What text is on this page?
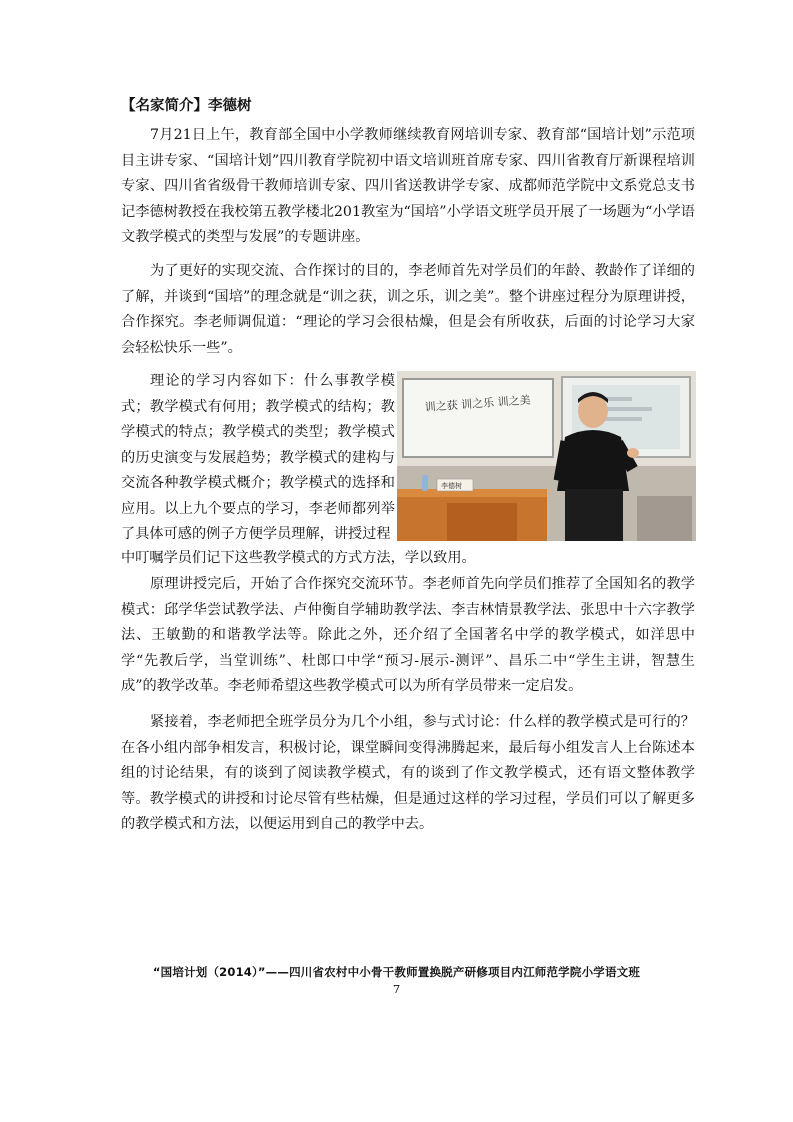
【名家简介】李德树

7月21日上午，教育部全国中小学教师继续教育网培训专家、教育部“国培计划”示范项目主讲专家、“国培计划”四川教育学院初中语文培训班首席专家、四川省教育厅新课程培训专家、四川省省级骨干教师培训专家、四川省送教讲学专家、成都师范学院中文系党总支书记李德树教授在我校第五教学楼北201教室为“国培”小学语文班学员开展了一场题为“小学语文教学模式的类型与发展”的专题讲座。

为了更好的实现交流、合作探讨的目的，李老师首先对学员们的年龄、教龄作了详细的了解，并谈到“国培”的理念就是“训之获，训之乐，训之美”。整个讲座过程分为原理讲授，合作探究。李老师调侃道：“理论的学习会很枯燥，但是会有所收获，后面的讨论学习大家会轻松快乐一些”。

理论的学习内容如下：什么事教学模式；教学模式有何用；教学模式的结构；教学模式的特点；教学模式的类型；教学模式的历史演变与发展趋势；教学模式的建构与交流各种教学模式概介；教学模式的选择和应用。以上九个要点的学习，李老师都列举了具体可感的例子方便学员理解，讲授过程

训之获 训之乐 训之美
李德树

中叮嘱学员们记下这些教学模式的方式方法，学以致用。

原理讲授完后，开始了合作探究交流环节。李老师首先向学员们推荐了全国知名的教学模式：邱学华尝试教学法、卢仲衡自学辅助教学法、李吉林情景教学法、张思中十六字教学法、王敏勤的和谐教学法等。除此之外，还介绍了全国著名中学的教学模式，如洋思中学“先教后学，当堂训练”、杜郎口中学“预习-展示-测评”、昌乐二中“学生主讲，智慧生成”的教学改革。李老师希望这些教学模式可以为所有学员带来一定启发。

紧接着，李老师把全班学员分为几个小组，参与式讨论：什么样的教学模式是可行的？在各小组内部争相发言，积极讨论，课堂瞬间变得沸腾起来，最后每小组发言人上台陈述本组的讨论结果，有的谈到了阅读教学模式，有的谈到了作文教学模式，还有语文整体教学等。教学模式的讲授和讨论尽管有些枯燥，但是通过这样的学习过程，学员们可以了解更多的教学模式和方法，以便运用到自己的教学中去。

“国培计划（2014）”——四川省农村中小骨干教师置换脱产研修项目内江师范学院小学语文班

7
